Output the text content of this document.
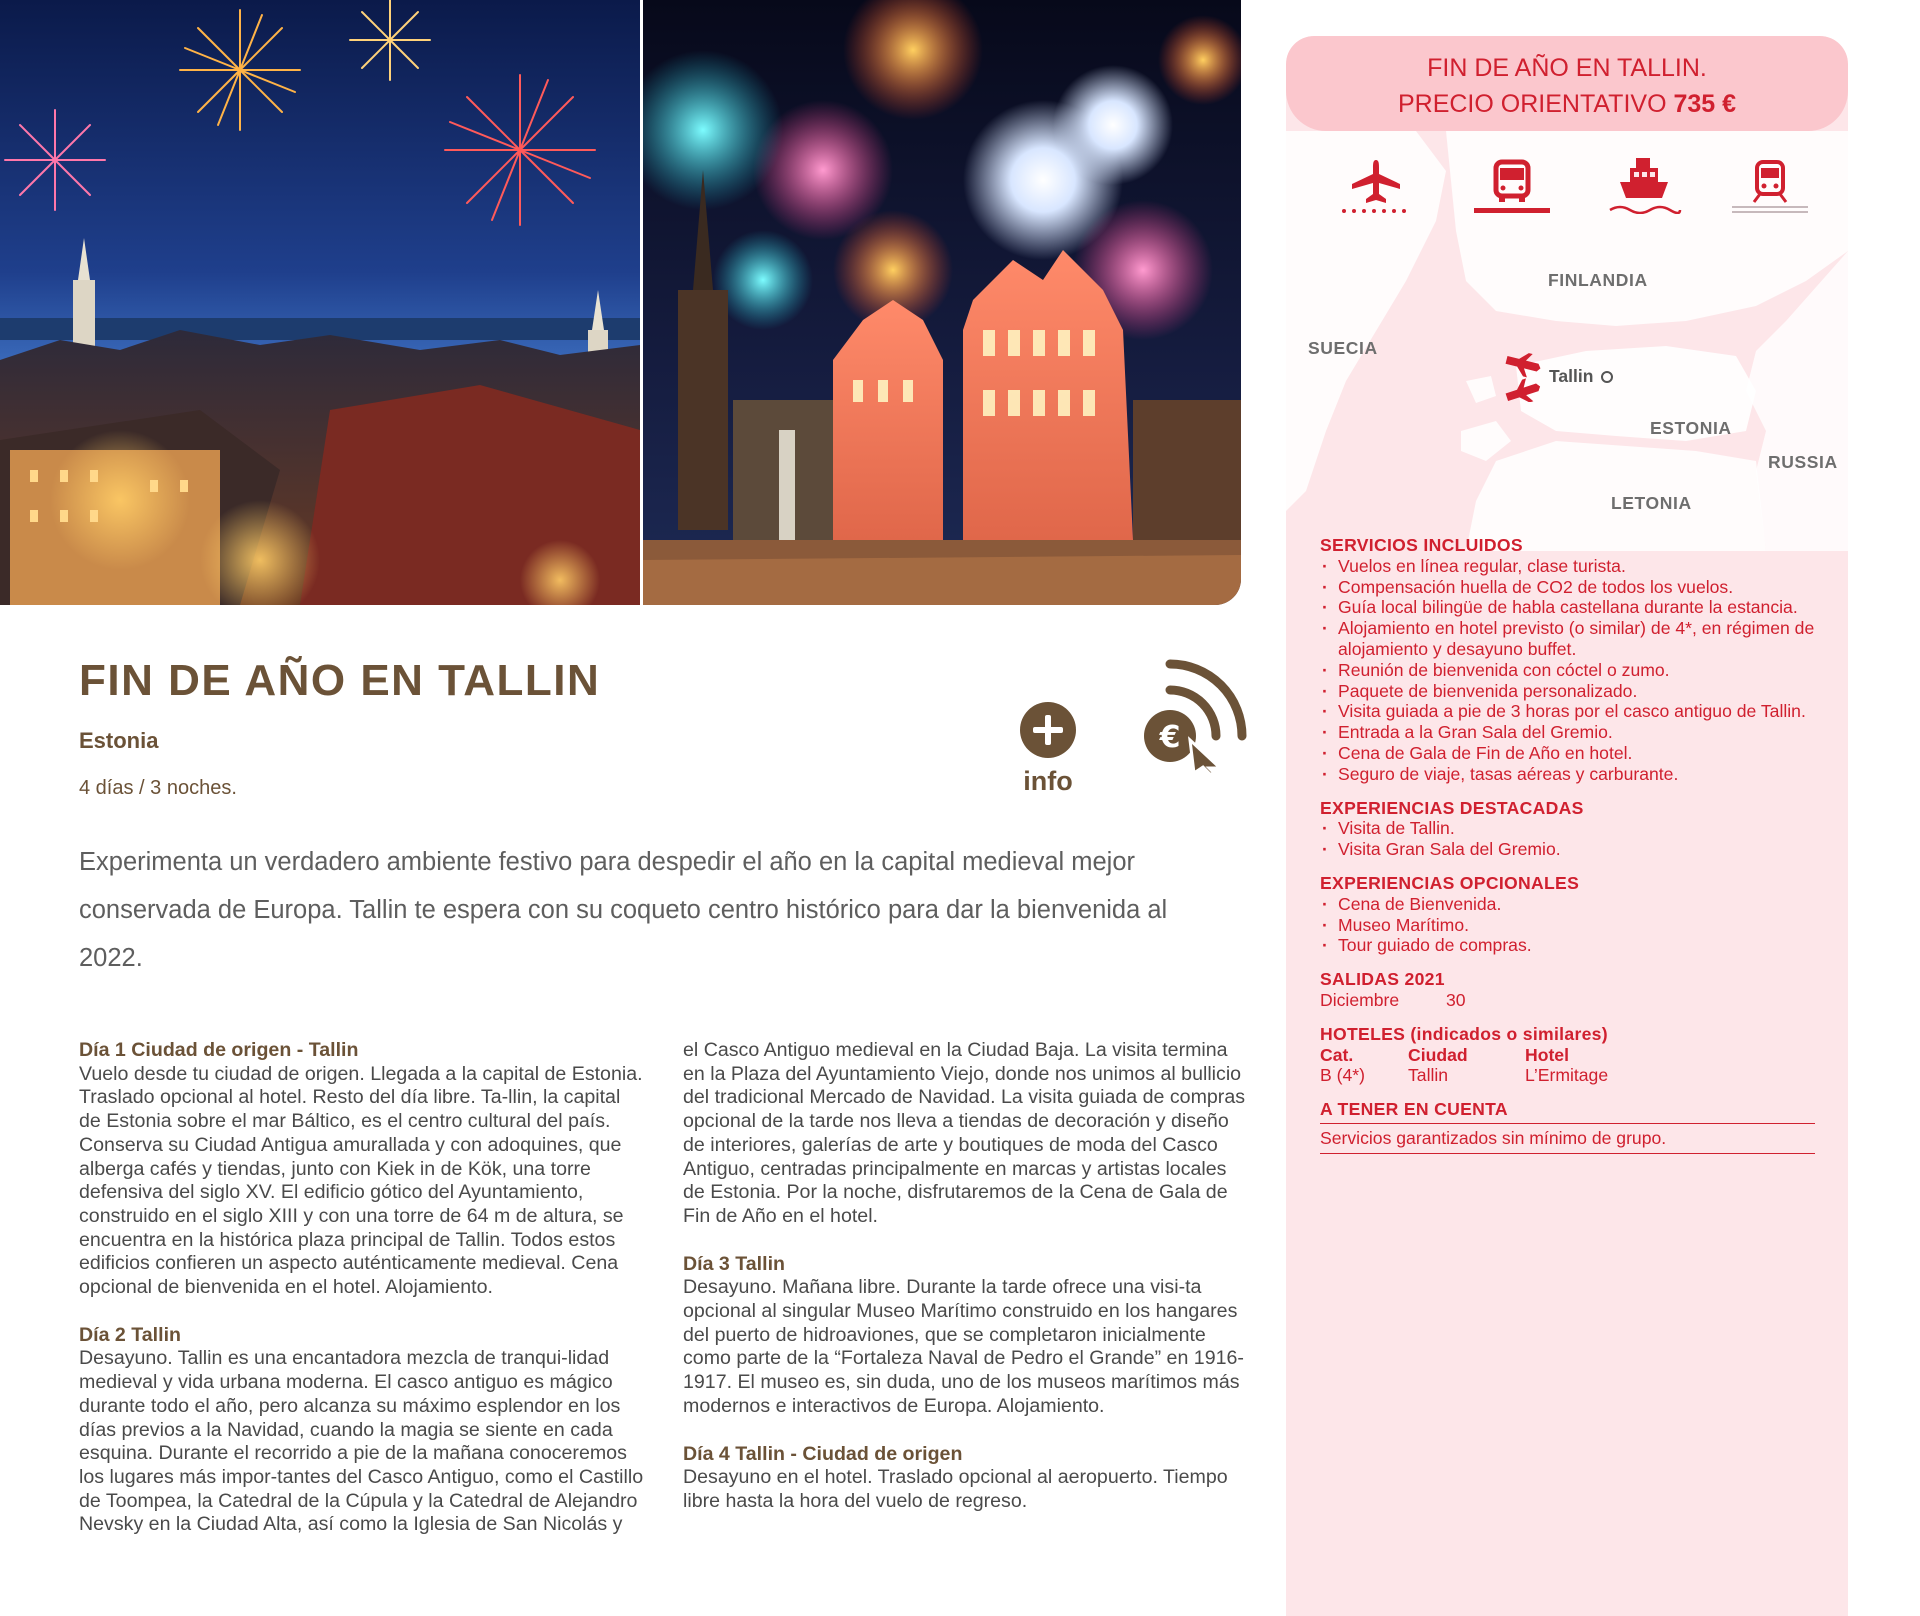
FIN DE AÑO EN TALLIN
Estonia
4 días / 3 noches.	info
€

Experimenta un verdadero ambiente festivo para despedir el año en la capital medieval mejor conservada de Europa. Tallin te espera con su coqueto centro histórico para dar la bienvenida al 2022.

Día 1 Ciudad de origen - Tallin

Vuelo desde tu ciudad de origen. Llegada a la capital de Estonia. Traslado opcional al hotel. Resto del día libre. Ta-llin, la capital de Estonia sobre el mar Báltico, es el centro cultural del país. Conserva su Ciudad Antigua amurallada y con adoquines, que alberga cafés y tiendas, junto con Kiek in de Kök, una torre defensiva del siglo XV. El edificio gótico del Ayuntamiento, construido en el siglo XIII y con una torre de 64 m de altura, se encuentra en la histórica plaza principal de Tallin. Todos estos edificios confieren un aspecto auténticamente medieval. Cena opcional de bienvenida en el hotel. Alojamiento.

Día 2 Tallin

Desayuno. Tallin es una encantadora mezcla de tranqui-lidad medieval y vida urbana moderna. El casco antiguo es mágico durante todo el año, pero alcanza su máximo esplendor en los días previos a la Navidad, cuando la magia se siente en cada esquina. Durante el recorrido a pie de la mañana conoceremos los lugares más impor-tantes del Casco Antiguo, como el Castillo de Toompea, la Catedral de la Cúpula y la Catedral de Alejandro Nevsky en la Ciudad Alta, así como la Iglesia de San Nicolás y

el Casco Antiguo medieval en la Ciudad Baja. La visita termina en la Plaza del Ayuntamiento Viejo, donde nos unimos al bullicio del tradicional Mercado de Navidad. La visita guiada de compras opcional de la tarde nos lleva a tiendas de decoración y diseño de interiores, galerías de arte y boutiques de moda del Casco Antiguo, centradas principalmente en marcas y artistas locales de Estonia. Por la noche, disfrutaremos de la Cena de Gala de Fin de Año en el hotel.

Día 3 Tallin

Desayuno. Mañana libre. Durante la tarde ofrece una visi-ta opcional al singular Museo Marítimo construido en los hangares del puerto de hidroaviones, que se completaron inicialmente como parte de la “Fortaleza Naval de Pedro el Grande” en 1916-1917. El museo es, sin duda, uno de los museos marítimos más modernos e interactivos de Europa. Alojamiento.

Día 4 Tallin - Ciudad de origen

Desayuno en el hotel. Traslado opcional al aeropuerto. Tiempo libre hasta la hora del vuelo de regreso.

FIN DE AÑO EN TALLIN.
PRECIO ORIENTATIVO 735 €
FINLANDIA
SUECIA
ESTONIA
RUSSIA
LETONIA
Tallin
SERVICIOS INCLUIDOS
· Vuelos en línea regular, clase turista.
· Compensación huella de CO2 de todos los vuelos.
· Guía local bilingüe de habla castellana durante la estancia.
· Alojamiento en hotel previsto (o similar) de 4*, en régimen de alojamiento y desayuno buffet.
· Reunión de bienvenida con cóctel o zumo.
· Paquete de bienvenida personalizado.
· Visita guiada a pie de 3 horas por el casco antiguo de Tallin.
· Entrada a la Gran Sala del Gremio.
· Cena de Gala de Fin de Año en hotel.
· Seguro de viaje, tasas aéreas y carburante.
EXPERIENCIAS DESTACADAS
· Visita de Tallin.
· Visita Gran Sala del Gremio.
EXPERIENCIAS OPCIONALES
· Cena de Bienvenida.
· Museo Marítimo.
· Tour guiado de compras.
SALIDAS 2021
Diciembre	30
HOTELES (indicados o similares)
Cat.	Ciudad	Hotel
B (4*)	Tallin	L’Ermitage
A TENER EN CUENTA
Servicios garantizados sin mínimo de grupo.
